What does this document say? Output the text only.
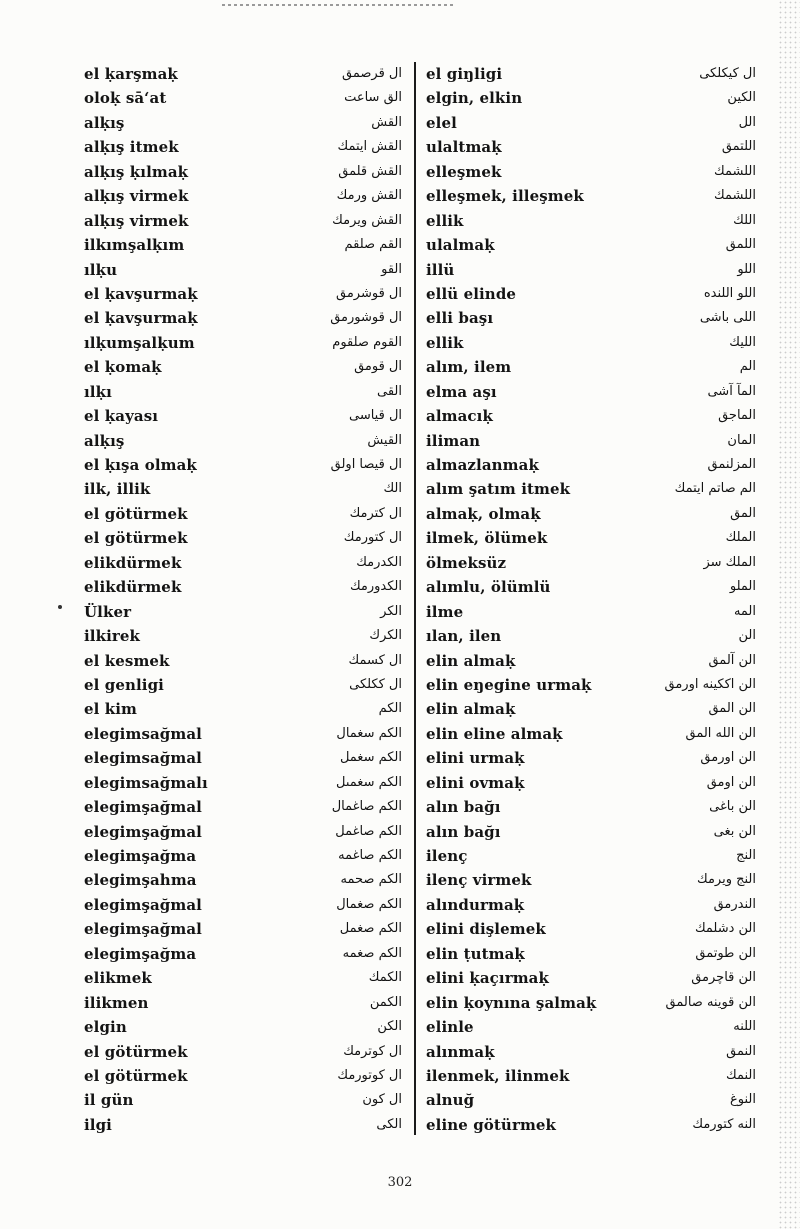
el ḳarşmaḳ	ال قرصمق
oloḳ sā‘at	الق ساعت
alḳış	القش
alḳış itmek	القش ايتمك
alḳış ḳılmaḳ	القش قلمق
alḳış virmek	القش ورمك
alḳış virmek	القش ويرمك
ilkımşalḳım	القم صلقم
ılḳu	القو
el ḳavşurmaḳ	ال قوشرمق
el ḳavşurmaḳ	ال قوشورمق
ılḳumşalḳum	القوم صلقوم
el ḳomaḳ	ال قومق
ılḳı	القى
el ḳayası	ال قياسى
alḳış	القيش
el ḳışa olmaḳ	ال قيصا اولق
ilk, illik	الك
el götürmek	ال كترمك
el götürmek	ال كتورمك
elikdürmek	الكدرمك
elikdürmek	الكدورمك
Ülker	الكر
ilkirek	الكرك
el kesmek	ال كسمك
el genligi	ال ككلكى
el kim	الكم
elegimsağmal	الكم سغمال
elegimsağmal	الكم سغمل
elegimsağmalı	الكم سغمىل
elegimşağmal	الكم صاغمال
elegimşağmal	الكم صاغمل
elegimşağma	الكم صاغمه
elegimşahma	الكم صحمه
elegimşağmal	الكم صغمال
elegimşağmal	الكم صغمل
elegimşağma	الكم صغمه
elikmek	الكمك
ilikmen	الكمن
elgin	الكن
el götürmek	ال كوترمك
el götürmek	ال كوتورمك
il gün	ال كون
ilgi	الكى
el giŋligi	ال كيكلكى
elgin, elkin	الكين
elel	الل
ulaltmaḳ	اللتمق
elleşmek	اللشمك
elleşmek, illeşmek	اللشمك
ellik	اللك
ulalmaḳ	اللمق
illü	اللو
ellü elinde	اللو اللنده
elli başı	اللى باشى
ellik	الليك
alım, ilem	الم
elma aşı	المآ آشى
almacıḳ	الماجق
iliman	المان
almazlanmaḳ	المزلنمق
alım şatım itmek	الم صاتم ايتمك
almaḳ, olmaḳ	المق
ilmek, ölümek	الملك
ölmeksüz	الملك سز
alımlu, ölümlü	الملو
ilme	المه
ılan, ilen	الن
elin almaḳ	الن آلمق
elin eŋegine urmaḳ	الن اككينه اورمق
elin almaḳ	الن المق
elin eline almaḳ	الن الله المق
elini urmaḳ	الن اورمق
elini ovmaḳ	الن اومق
alın bağı	الن باغى
alın bağı	الن بغى
ilenç	النج
ilenç virmek	النج ويرمك
alındurmaḳ	الندرمق
elini dişlemek	الن دشلمك
elin ṭutmaḳ	الن طوتمق
elini ḳaçırmaḳ	الن قاچرمق
elin ḳoynına şalmaḳ	الن قوينه صالمق
elinle	اللنه
alınmaḳ	النمق
ilenmek, ilinmek	النمك
alnuğ	النوغ
eline götürmek	النه كتورمك
302
